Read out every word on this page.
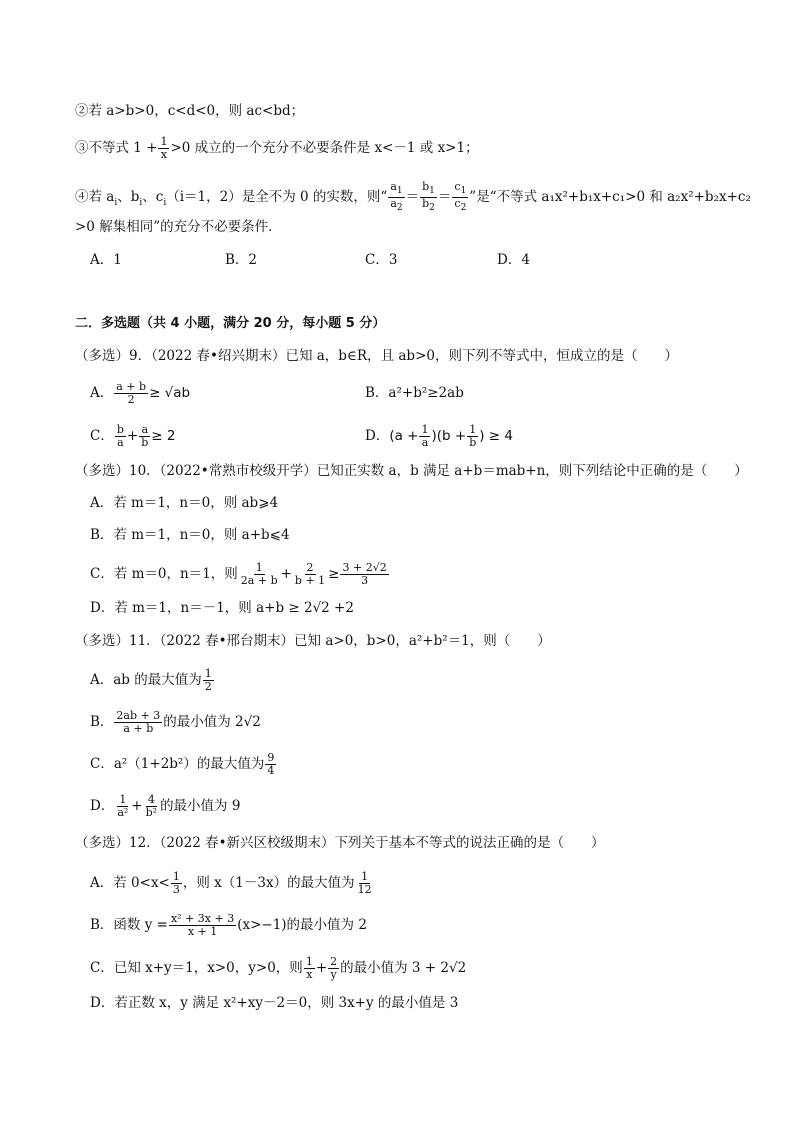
②若 a>b>0，c<d<0，则 ac<bd；
③不等式 $1 + \frac{1}{x} >0$ 成立的一个充分不必要条件是 x<－1 或 x>1；
④若 $a_i$、$b_i$、$c_i(i=1$，2）是全不为 0 的实数，则“ $\frac{a_1}{a_2} = \frac{b_1}{b_2} = \frac{c_1}{c_2}$ ”是“不等式 a₁x²+b₁x+c₁>0 和 a₂x²+b₂x+c₂
>0 解集相同”的充分不必要条件．
A．1	B．2	C．3	D．4
二．多选题（共 4 小题，满分 20 分，每小题 5 分）
（多选）9．（2022 春•绍兴期末）已知 a，b∈R，且 ab>0，则下列不等式中，恒成立的是（　　）
A． $\frac{a + b}{2} \ge √ab$	B．a²+b²≥2ab
C． $\frac{b}{a} + \frac{a}{b} \ge 2$	D．$(a + \frac{1}{a} )(b + \frac{1}{b}$ ) ≥ 4
（多选）10．（2022•常熟市校级开学）已知正实数 a，b 满足 a+b＝mab+n，则下列结论中正确的是（　　）
A．若 m＝1，n＝0，则 ab⩾4
B．若 m＝1，n＝0，则 a+b⩽4
C．若 m＝0，n＝1，则 $\frac{1}{2a + b} + \frac{2}{b + 1} \ge \frac{3 + 2√2}{3}$
D．若 m＝1，n＝－1，则 a+b ≥ 2√2 +2
（多选）11．（2022 春•邢台期末）已知 a>0，b>0，a²+b²＝1，则（　　）
A．ab 的最大值为 $\frac{1}{2}$
B． $\frac{2ab + 3}{a + b}$ 的最小值为 2√2
C．a²（1+2b²）的最大值为 $\frac{9}{4}$
D． $\frac{1}{\text{a²}} + \frac{4}{\text{b²}}$ 的最小值为 9
（多选）12．（2022 春•新兴区校级期末）下列关于基本不等式的说法正确的是（　　）
A．若 $0<x< \frac{1}{3}$ ，则 x（1－3x）的最大值为 $\frac{1}{12}$
B．函数 $y = \frac{\text{x² + 3x + 3}}{x + 1} (x>-1)$的最小值为 2
C．已知 x+y＝1，x>0，y>0，则 $\frac{1}{x} + \frac{2}{y}$ 的最小值为 3 + 2√2
D．若正数 x，y 满足 x²+xy－2＝0，则 3x+y 的最小值是 3
